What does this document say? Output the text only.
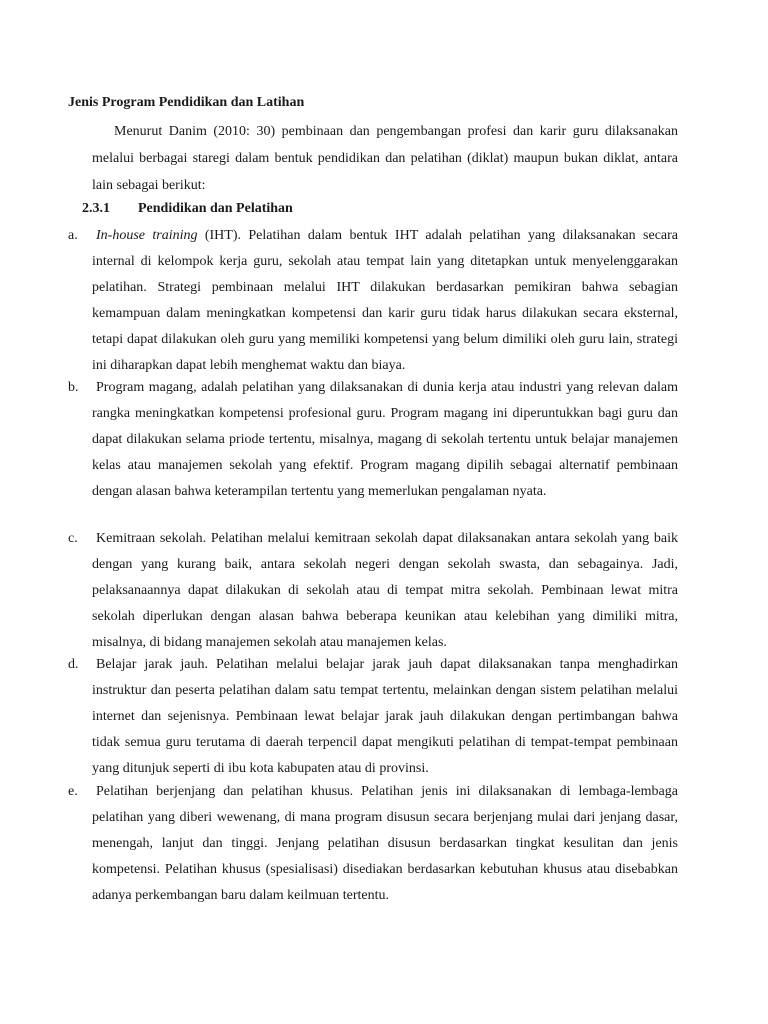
Jenis Program Pendidikan dan Latihan

Menurut Danim (2010: 30) pembinaan dan pengembangan profesi dan karir guru dilaksanakan melalui berbagai staregi dalam bentuk pendidikan dan pelatihan (diklat) maupun bukan diklat, antara lain sebagai berikut:

2.3.1 Pendidikan dan Pelatihan
a. In-house training (IHT). Pelatihan dalam bentuk IHT adalah pelatihan yang dilaksanakan secara internal di kelompok kerja guru, sekolah atau tempat lain yang ditetapkan untuk menyelenggarakan pelatihan. Strategi pembinaan melalui IHT dilakukan berdasarkan pemikiran bahwa sebagian kemampuan dalam meningkatkan kompetensi dan karir guru tidak harus dilakukan secara eksternal, tetapi dapat dilakukan oleh guru yang memiliki kompetensi yang belum dimiliki oleh guru lain, strategi ini diharapkan dapat lebih menghemat waktu dan biaya.

b. Program magang, adalah pelatihan yang dilaksanakan di dunia kerja atau industri yang relevan dalam rangka meningkatkan kompetensi profesional guru. Program magang ini diperuntukkan bagi guru dan dapat dilakukan selama priode tertentu, misalnya, magang di sekolah tertentu untuk belajar manajemen kelas atau manajemen sekolah yang efektif. Program magang dipilih sebagai alternatif pembinaan dengan alasan bahwa keterampilan tertentu yang memerlukan pengalaman nyata.

c. Kemitraan sekolah. Pelatihan melalui kemitraan sekolah dapat dilaksanakan antara sekolah yang baik dengan yang kurang baik, antara sekolah negeri dengan sekolah swasta, dan sebagainya. Jadi, pelaksanaannya dapat dilakukan di sekolah atau di tempat mitra sekolah. Pembinaan lewat mitra sekolah diperlukan dengan alasan bahwa beberapa keunikan atau kelebihan yang dimiliki mitra, misalnya, di bidang manajemen sekolah atau manajemen kelas.

d. Belajar jarak jauh. Pelatihan melalui belajar jarak jauh dapat dilaksanakan tanpa menghadirkan instruktur dan peserta pelatihan dalam satu tempat tertentu, melainkan dengan sistem pelatihan melalui internet dan sejenisnya. Pembinaan lewat belajar jarak jauh dilakukan dengan pertimbangan bahwa tidak semua guru terutama di daerah terpencil dapat mengikuti pelatihan di tempat-tempat pembinaan yang ditunjuk seperti di ibu kota kabupaten atau di provinsi.

e. Pelatihan berjenjang dan pelatihan khusus. Pelatihan jenis ini dilaksanakan di lembaga-lembaga pelatihan yang diberi wewenang, di mana program disusun secara berjenjang mulai dari jenjang dasar, menengah, lanjut dan tinggi. Jenjang pelatihan disusun berdasarkan tingkat kesulitan dan jenis kompetensi. Pelatihan khusus (spesialisasi) disediakan berdasarkan kebutuhan khusus atau disebabkan adanya perkembangan baru dalam keilmuan tertentu.
